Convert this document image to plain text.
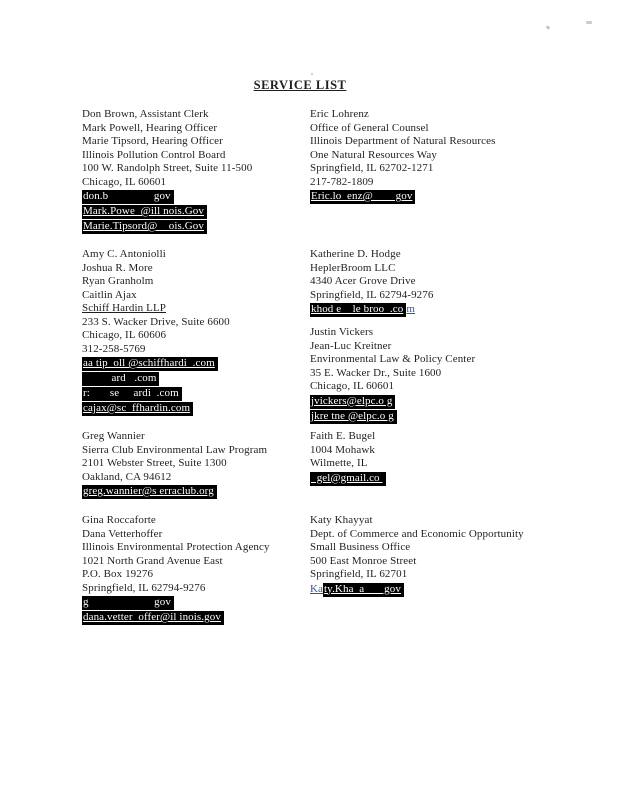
SERVICE LIST
Don Brown, Assistant Clerk
Mark Powell, Hearing Officer
Marie Tipsord, Hearing Officer
Illinois Pollution Control Board
100 W. Randolph Street, Suite 11-500
Chicago, IL 60601
don.b                gov
Mark.Powe  @ill nois.Gov
Marie.Tipsord@    ois.Gov
Eric Lohrenz
Office of General Counsel
Illinois Department of Natural Resources
One Natural Resources Way
Springfield, IL 62702-1271
217-782-1809
Eric.lo  enz@        gov
Amy C. Antoniolli
Joshua R. More
Ryan Granholm
Caitlin Ajax
Schiff Hardin LLP
233 S. Wacker Drive, Suite 6600
Chicago, IL 60606
312-258-5769
aa tip  oll @schiffhardi  .com
ard   .com
r:       se     ardi  .com
cajax@sc  ffhardin.com
Katherine D. Hodge
HeplerBroom LLC
4340 Acer Grove Drive
Springfield, IL 62794-9276
khod e    le broo  .co m
Justin Vickers
Jean-Luc Kreitner
Environmental Law & Policy Center
35 E. Wacker Dr., Suite 1600
Chicago, IL 60601
jvickers@elpc.o g
jkre tne @elpc.o g
Greg Wannier
Sierra Club Environmental Law Program
2101 Webster Street, Suite 1300
Oakland, CA 94612
greg.wannier@s erraclub.org
Faith E. Bugel
1004 Mohawk
Wilmette, IL
gel@gmail.co
Gina Roccaforte
Dana Vetterhoffer
Illinois Environmental Protection Agency
1021 North Grand Avenue East
P.O. Box 19276
Springfield, IL 62794-9276
g                       gov
dana.vetter  offer@il inois.gov
Katy Khayyat
Dept. of Commerce and Economic Opportunity
Small Business Office
500 East Monroe Street
Springfield, IL 62701
Katy.Kha  a       gov
